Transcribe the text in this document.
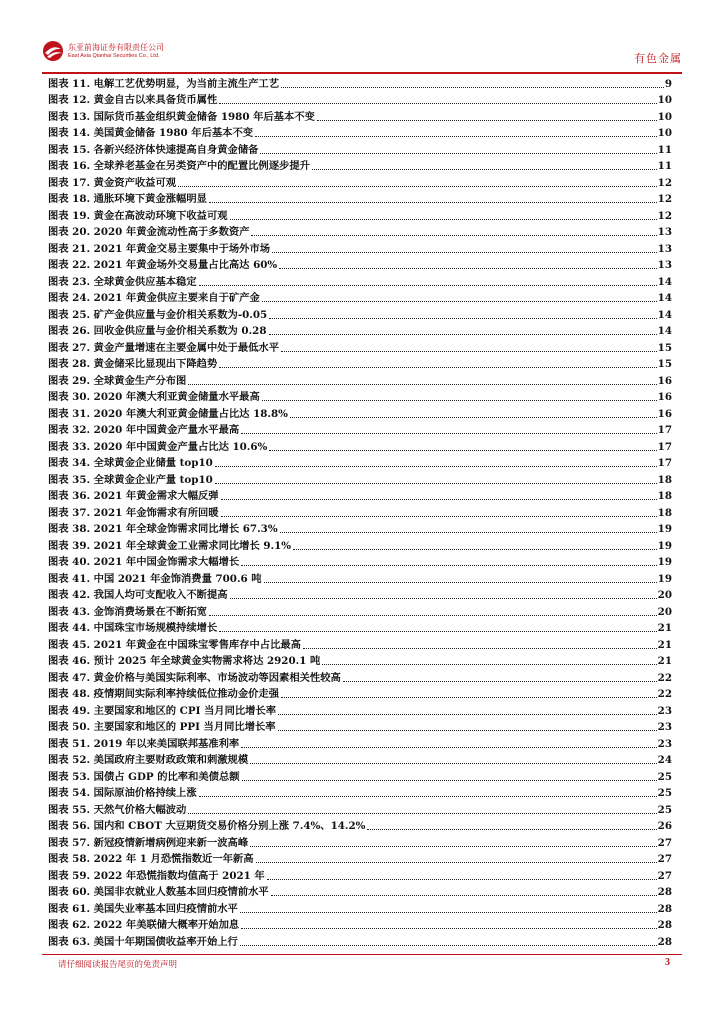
东亚前海证券有限责任公司
East Asia Qianhai Securities Co., Ltd.	有色金属
图表 11. 电解工艺优势明显，为当前主流生产工艺	9
图表 12. 黄金自古以来具备货币属性	10
图表 13. 国际货币基金组织黄金储备 1980 年后基本不变	10
图表 14. 美国黄金储备 1980 年后基本不变	10
图表 15. 各新兴经济体快速提高自身黄金储备	11
图表 16. 全球养老基金在另类资产中的配置比例逐步提升	11
图表 17. 黄金资产收益可观	12
图表 18. 通胀环境下黄金涨幅明显	12
图表 19. 黄金在高波动环境下收益可观	12
图表 20. 2020 年黄金流动性高于多数资产	13
图表 21. 2021 年黄金交易主要集中于场外市场	13
图表 22. 2021 年黄金场外交易量占比高达 60%	13
图表 23. 全球黄金供应基本稳定	14
图表 24. 2021 年黄金供应主要来自于矿产金	14
图表 25. 矿产金供应量与金价相关系数为-0.05	14
图表 26. 回收金供应量与金价相关系数为 0.28	14
图表 27. 黄金产量增速在主要金属中处于最低水平	15
图表 28. 黄金储采比显现出下降趋势	15
图表 29. 全球黄金生产分布图	16
图表 30. 2020 年澳大利亚黄金储量水平最高	16
图表 31. 2020 年澳大利亚黄金储量占比达 18.8%	16
图表 32. 2020 年中国黄金产量水平最高	17
图表 33. 2020 年中国黄金产量占比达 10.6%	17
图表 34. 全球黄金企业储量 top10	17
图表 35. 全球黄金企业产量 top10	18
图表 36. 2021 年黄金需求大幅反弹	18
图表 37. 2021 年金饰需求有所回暖	18
图表 38. 2021 年全球金饰需求同比增长 67.3%	19
图表 39. 2021 年全球黄金工业需求同比增长 9.1%	19
图表 40. 2021 年中国金饰需求大幅增长	19
图表 41. 中国 2021 年金饰消费量 700.6 吨	19
图表 42. 我国人均可支配收入不断提高	20
图表 43. 金饰消费场景在不断拓宽	20
图表 44. 中国珠宝市场规模持续增长	21
图表 45. 2021 年黄金在中国珠宝零售库存中占比最高	21
图表 46. 预计 2025 年全球黄金实物需求将达 2920.1 吨	21
图表 47. 黄金价格与美国实际利率、市场波动等因素相关性较高	22
图表 48. 疫情期间实际利率持续低位推动金价走强	22
图表 49. 主要国家和地区的 CPI 当月同比增长率	23
图表 50. 主要国家和地区的 PPI 当月同比增长率	23
图表 51. 2019 年以来美国联邦基准利率	23
图表 52. 美国政府主要财政政策和刺激规模	24
图表 53. 国债占 GDP 的比率和美债总额	25
图表 54. 国际原油价格持续上涨	25
图表 55. 天然气价格大幅波动	25
图表 56. 国内和 CBOT 大豆期货交易价格分别上涨 7.4%、14.2%	26
图表 57. 新冠疫情新增病例迎来新一波高峰	27
图表 58. 2022 年 1 月恐慌指数近一年新高	27
图表 59. 2022 年恐慌指数均值高于 2021 年	27
图表 60. 美国非农就业人数基本回归疫情前水平	28
图表 61. 美国失业率基本回归疫情前水平	28
图表 62. 2022 年美联储大概率开始加息	28
图表 63. 美国十年期国债收益率开始上行	28
请仔细阅读报告尾页的免责声明	3
